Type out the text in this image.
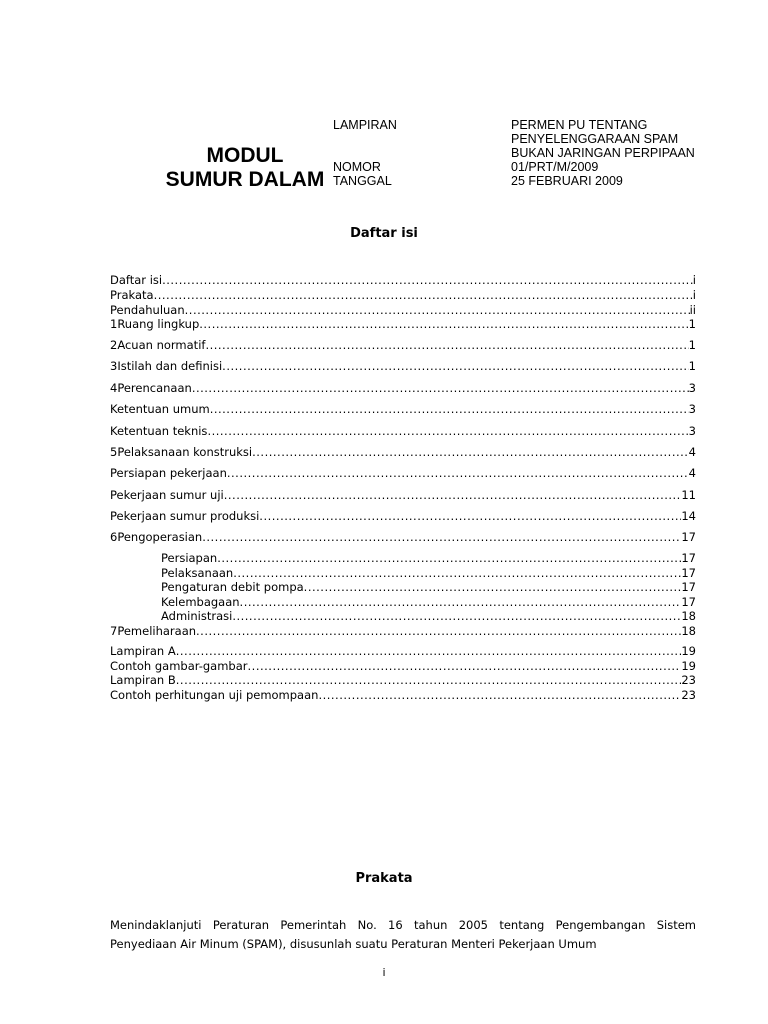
MODUL
SUMUR DALAM
LAMPIRAN
NOMOR
TANGGAL
PERMEN PU TENTANG
PENYELENGGARAAN SPAM
BUKAN JARINGAN PERPIPAAN
01/PRT/M/2009
25 FEBRUARI 2009
Daftar isi
Daftar isi .....	i
Prakata .....	i
Pendahuluan .....	ii
1Ruang lingkup .....	1
2Acuan normatif .....	1
3Istilah dan definisi .....	1
4Perencanaan .....	3
Ketentuan umum .....	3
Ketentuan teknis .....	3
5Pelaksanaan konstruksi .....	4
Persiapan pekerjaan .....	4
Pekerjaan sumur uji .....	11
Pekerjaan sumur produksi .....	14
6Pengoperasian .....	17
Persiapan .....	17
Pelaksanaan .....	17
Pengaturan debit pompa .....	17
Kelembagaan .....	17
Administrasi .....	18
7Pemeliharaan .....	18
Lampiran A .....	19
Contoh gambar-gambar .....	19
Lampiran B .....	23
Contoh perhitungan uji pemompaan .....	23
Prakata
Menindaklanjuti Peraturan Pemerintah No. 16 tahun 2005 tentang Pengembangan Sistem Penyediaan Air Minum (SPAM), disusunlah suatu Peraturan Menteri Pekerjaan Umum
i
